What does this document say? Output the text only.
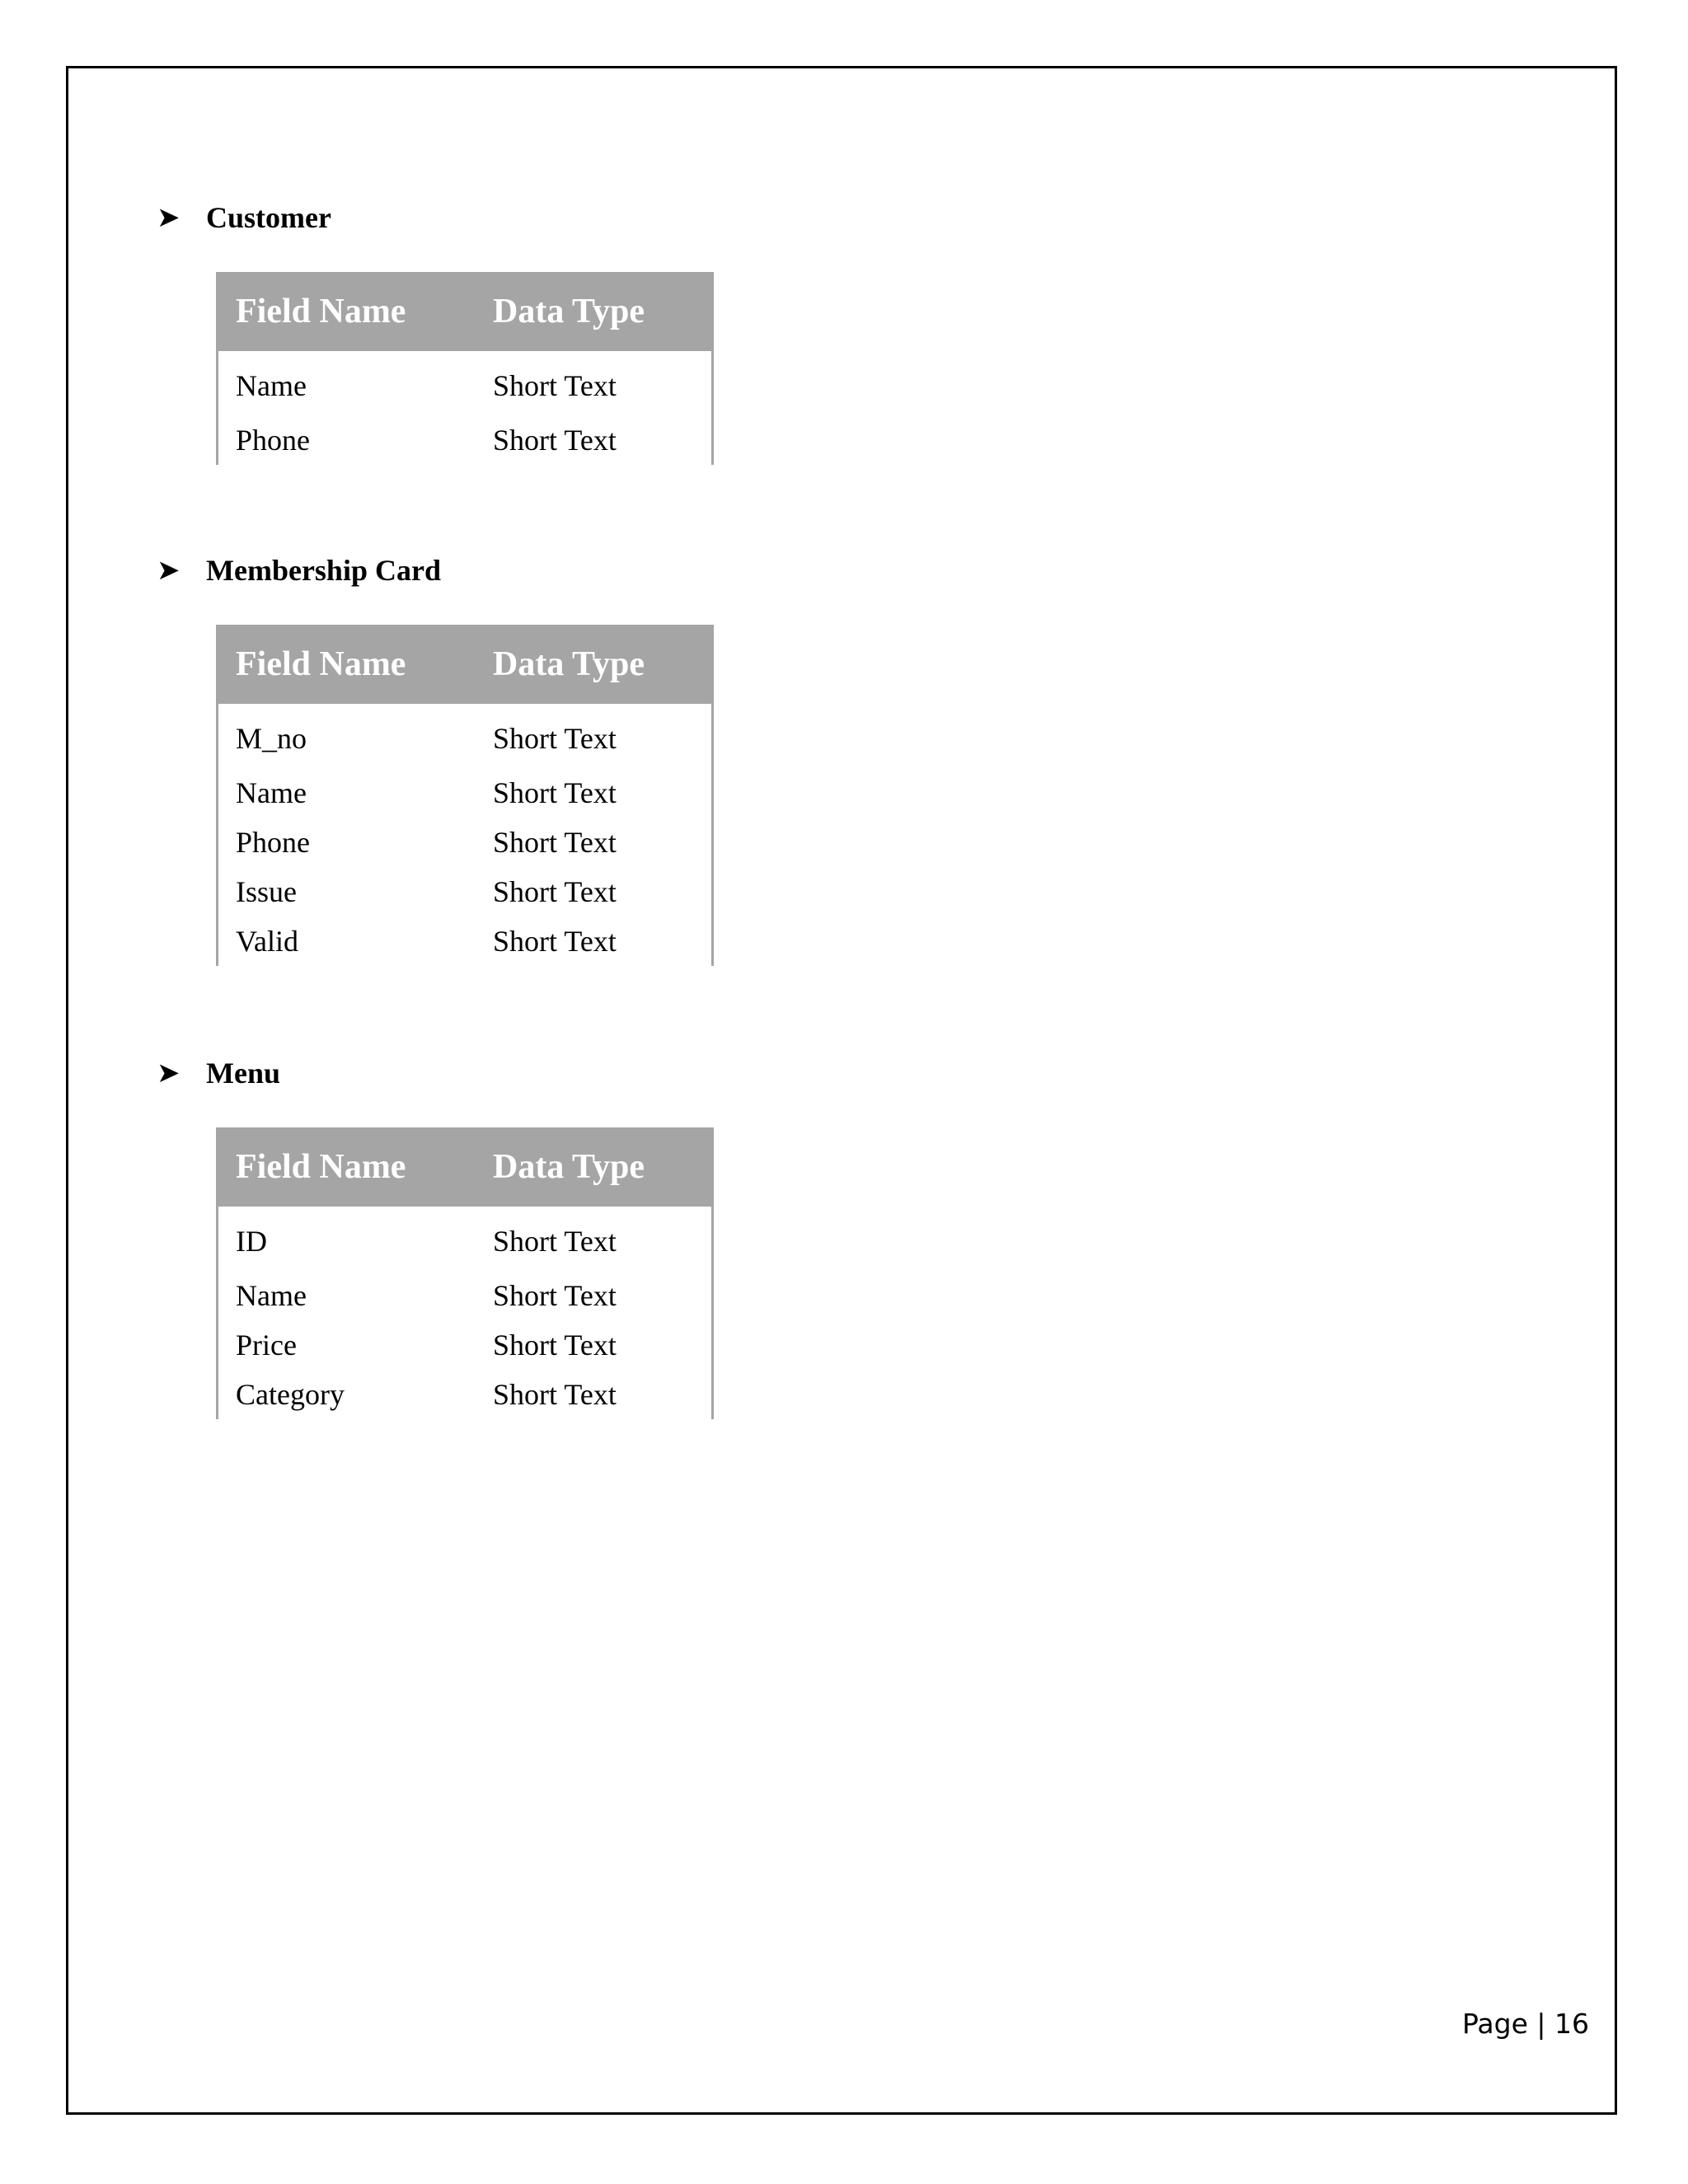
➤ Customer
Field Name	Data Type
Name	Short Text
Phone	Short Text
➤ Membership Card
Field Name	Data Type
M_no	Short Text
Name	Short Text
Phone	Short Text
Issue	Short Text
Valid	Short Text
➤ Menu
Field Name	Data Type
ID	Short Text
Name	Short Text
Price	Short Text
Category	Short Text
Page | 16
